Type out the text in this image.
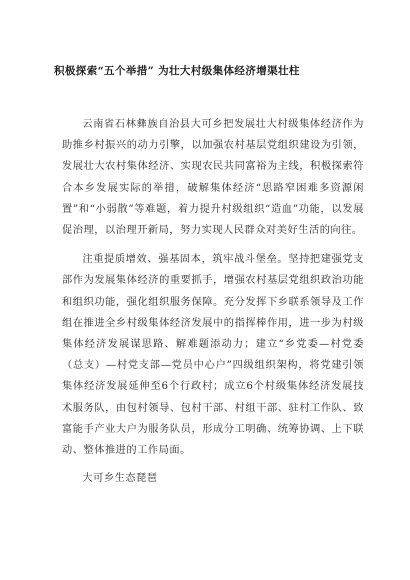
积极探索“五个举措” 为壮大村级集体经济增渠壮柱

云南省石林彝族自治县大可乡把发展壮大村级集体经济作为助推乡村振兴的动力引擎，以加强农村基层党组织建设为引领，发展壮大农村集体经济、实现农民共同富裕为主线，积极探索符合本乡发展实际的举措，破解集体经济“思路窄困难多资源闲置”和“小弱散”等难题，着力提升村级组织“造血”功能，以发展促治理，以治理开新局，努力实现人民群众对美好生活的向往。

注重提质增效、强基固本，筑牢战斗堡垒。坚持把建强党支部作为发展集体经济的重要抓手，增强农村基层党组织政治功能和组织功能，强化组织服务保障。充分发挥下乡联系领导及工作组在推进全乡村级集体经济发展中的指挥棒作用，进一步为村级集体经济发展谋思路、解难题添动力；建立“乡党委—村党委（总支）—村党支部—党员中心户”四级组织架构，将党建引领集体经济发展延伸至6个行政村；成立6个村级集体经济发展技术服务队，由包村领导、包村干部、村组干部、驻村工作队、致富能手产业大户为服务队员，形成分工明确、统筹协调、上下联动、整体推进的工作局面。

大可乡生态琵琶
